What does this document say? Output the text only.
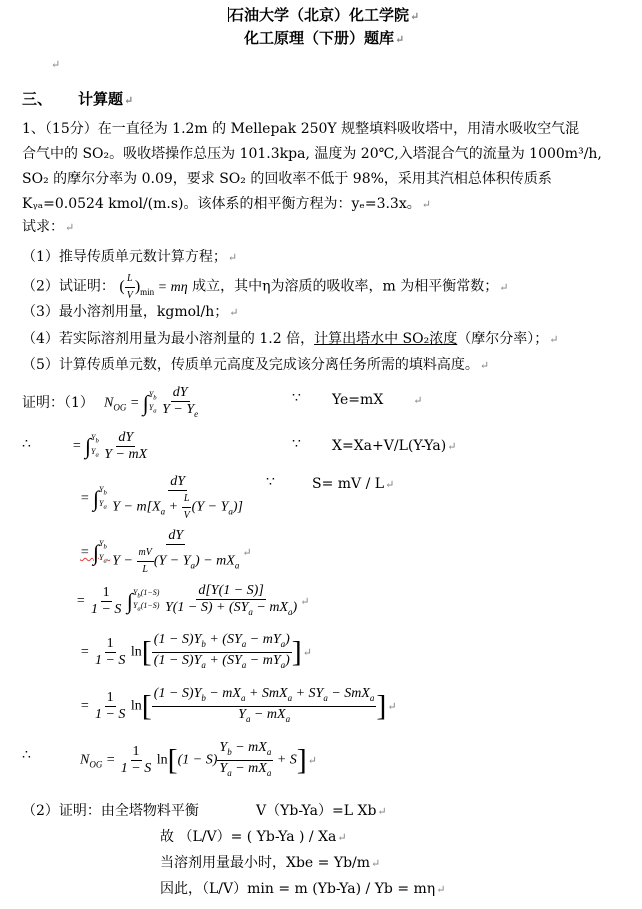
石油大学（北京）化工学院↵
化工原理（下册）题库↵
↵
三、 计算题↵
1、（15分）在一直径为 1.2m 的 Mellepak 250Y 规整填料吸收塔中，用清水吸收空气混
合气中的 SO₂。吸收塔操作总压为 101.3kpa, 温度为 20℃,入塔混合气的流量为 1000m³/h,
SO₂ 的摩尔分率为 0.09，要求 SO₂ 的回收率不低于 98%，采用其汽相总体积传质系
Kᵧₐ=0.0524 kmol/(m.s)。该体系的相平衡方程为：yₑ=3.3x。↵
试求：↵
（1）推导传质单元数计算方程；↵
（2）试证明： ( $\frac{L}{V} )_{min} = m\eta$ 成立，其中η为溶质的吸收率，m 为相平衡常数；↵
（3）最小溶剂用量，kgmol/h；↵
（4）若实际溶剂用量为最小溶剂量的 1.2 倍，计算出塔水中 SO₂浓度（摩尔分率）；↵
（5）计算传质单元数，传质单元高度及完成该分离任务所需的填料高度。↵
证明：（1） $N_{OG} = \int Y_b$
$Y_a \frac{dY}{Y - Y_e}$	∵ Ye=mX	↵
∴	= $\int Y_b$
$Y_a \frac{dY}{Y - mX}$	∵ X=Xa+V/L(Y-Ya)↵
= $\int Y_b$
$Y_a \frac{dY}{Y - m[X_a + \frac{L}{V} (Y - Y_a)]}$ ∵	S= mV / L↵
= $\int Y_b$
$Y_a \frac{dY}{Y - \frac{mV}{L} (Y - Y_a) - mX_a}$ ↵
= $\frac{1}{1 - S} \int Y_b(1-S)$
$Y_a(1-S) \frac{d[Y(1 - S)]}{Y(1 - S) + (SY_a - mX_a)}$ ↵
= $\frac{1}{1 - S} \ln[ \frac{(1 - S)Y_b + (SY_a - mY_a)}{(1 - S)Y_a + (SY_a - mY_a)}$ ]↵
= $\frac{1}{1 - S} \ln[ \frac{(1 - S)Y_b - mX_a + SmX_a + SY_a - SmX_a}{Y_a - mX_a}$ ]↵
∴	$N_{OG} = \frac{1}{1 - S} \ln[(1 - S) \frac{Y_b - mX_a}{Y_a - mX_a}$ + S]↵
（2）证明：由全塔物料平衡	V（Yb-Ya）=L Xb↵
故 （L/V）= ( Yb-Ya ) / Xa↵
当溶剂用量最小时，Xbe = Yb/m↵
因此，（L/V）min = m (Yb-Ya) / Yb = mη↵
